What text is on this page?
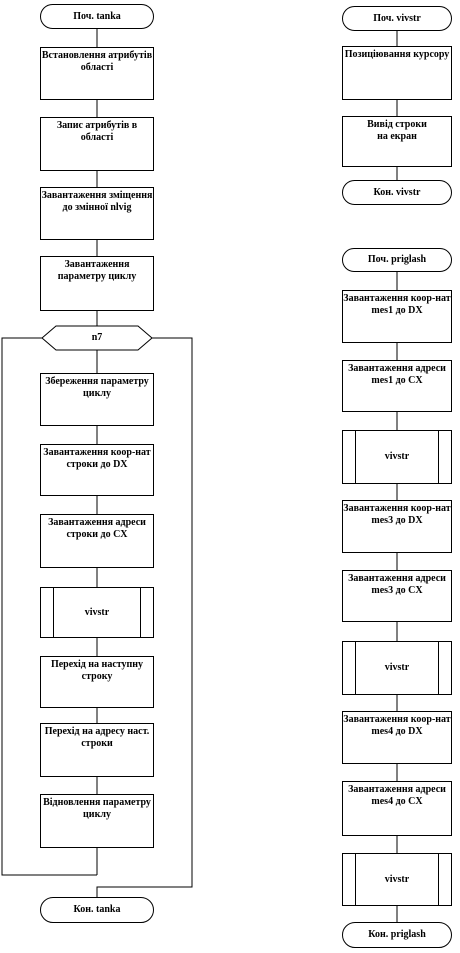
Поч. tanka
Встановлення атрибутів
області
Запис атрибутів в
області
Завантаження зміщення
до змінної nlvig
Завантаження
параметру циклу
n7
Збереження параметру
циклу
Завантаження коор-нат
строки до DX
Завантаження адреси
строки до CX
vivstr
Перехід на наступну
строку
Перехід на адресу наст.
строки
Відновлення параметру
циклу
Кон. tanka
Поч. vivstr
Позиціювання курсору
Вивід строки
на екран
Кон. vivstr
Поч. priglash
Завантаження коор-нат
mes1 до DX
Завантаження адреси
mes1 до CX
vivstr
Завантаження коор-нат
mes3 до DX
Завантаження адреси
mes3 до CX
vivstr
Завантаження коор-нат
mes4 до DX
Завантаження адреси
mes4 до CX
vivstr
Кон. priglash
